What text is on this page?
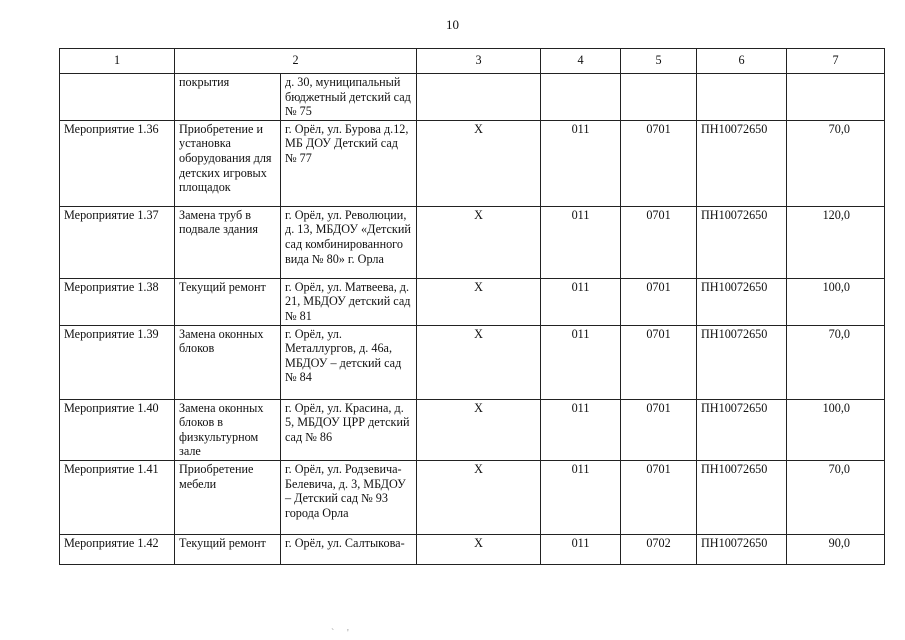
10
1	2		3	4	5	6	7
	покрытия	д. 30, муниципальный бюджетный детский сад № 75					
Мероприятие 1.36	Приобретение и установка оборудования для детских игровых площадок	г. Орёл, ул. Бурова д.12, МБ ДОУ Детский сад № 77	Х	011	0701	ПН10072650	70,0
Мероприятие 1.37	Замена труб в подвале здания	г. Орёл, ул. Революции, д. 13, МБДОУ «Детский сад комбинированного вида № 80» г. Орла	Х	011	0701	ПН10072650	120,0
Мероприятие 1.38	Текущий ремонт	г. Орёл, ул. Матвеева, д. 21, МБДОУ детский сад № 81	Х	011	0701	ПН10072650	100,0
Мероприятие 1.39	Замена оконных блоков	г. Орёл, ул. Металлургов, д. 46а, МБДОУ – детский сад № 84	Х	011	0701	ПН10072650	70,0
Мероприятие 1.40	Замена оконных блоков в физкультурном зале	г. Орёл, ул. Красина, д. 5, МБДОУ ЦРР детский сад № 86	Х	011	0701	ПН10072650	100,0
Мероприятие 1.41	Приобретение мебели	г. Орёл, ул. Родзевича-Белевича, д. 3, МБДОУ – Детский сад № 93 города Орла	Х	011	0701	ПН10072650	70,0
Мероприятие 1.42	Текущий ремонт	г. Орёл, ул. Салтыкова-	Х	011	0702	ПН10072650	90,0
` '
